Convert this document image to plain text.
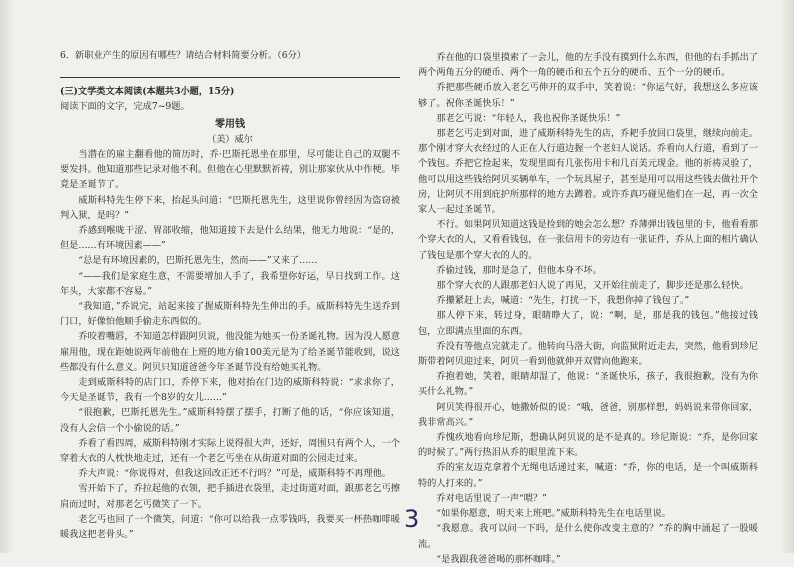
6．新职业产生的原因有哪些？请结合材料简要分析。（6分）

(三)文学类文本阅读(本题共3小题，15分)

阅读下面的文字，完成7~9题。

零用钱

（美）威尔

当潜在的雇主翻看他的简历时，乔·巴斯托恩坐在那里，尽可能让自己的双腿不要发抖。他知道那些记录对他不利。但他在心里默默祈祷，别让那家伙从中作梗。毕竟是圣诞节了。

威斯科特先生停下来，抬起头问道：“巴斯托恩先生，这里说你曾经因为盗窃被判入狱，是吗？”

乔感到喉咙干涩、胃部收缩，他知道接下去是什么结果，他无力地说：“是的，但是……有环境因素——”

“总是有环境因素的，巴斯托恩先生，然而——”又来了……

“——我们是家庭生意，不需要增加人手了，我希望你好运，早日找到工作。这年头，大家都不容易。”

“我知道，”乔说完，站起来接了握威斯科特先生伸出的手。威斯科特先生送乔到门口，好像怕他顺手偷走东西似的。

乔咬着嘴唇，不知道怎样跟阿贝说，他没能为她买一份圣诞礼物。因为没人愿意雇用他，现在距她说两年前他在上班的地方偷100美元是为了给圣诞节能收到，说这些都没有什么意义。阿贝只知道爸爸今年圣诞节没有给她买礼物。

走到威斯科特的店门口，乔停下来，他对抬在门边的威斯科特说：“求求你了，今天是圣诞节，我有一个8岁的女儿……”

“很抱歉，巴斯托恩先生。”威斯科特摆了摆手，打断了他的话，“你应该知道，没有人会信一个小偷说的话。”

乔看了看四周，威斯科特刚才实际上说得很大声，还好，周围只有两个人，一个穿着大衣的人枕快地走过，还有一个老乞丐坐在从街道对面的公园走过来。

乔大声说：“你说得对，但我这回改正还不行吗？”可是，威斯科特不再理他。

雪开始下了，乔拉起他的衣领，把手插进衣袋里，走过街道对面，跟那老乞丐擦肩而过时，对那老乞丐微笑了一下。

老乞丐也回了一个微笑，问道：“你可以给我一点零钱吗，我要买一杯热咖啡暖暖我这把老骨头。”

乔在他的口袋里摸索了一会儿，他的左手没有摸到什么东西，但他的右手抓出了两个两角五分的硬币、两个一角的硬币和五个五分的硬币、五个一分的硬币。

乔把那些硬币放入老乞丐伸开的双手中，笑着说：“你运气好，我想这么多应该够了。祝你圣诞快乐！”

那老乞丐说：“年轻人，我也祝你圣诞快乐！”

那老乞丐走到对面，进了威斯科特先生的店，乔耙手放回口袋里，继续向前走。那个刚才穿大衣经过的人正在人行道边握一个老妇人说话。乔看向人行道，看到了一个钱包。乔把它捡起来，发现里面有几张伤用卡和几百美元现金。他的祈祷灵验了，他可以用这些钱给阿贝买辆单车，一个玩具屋子，甚至是用可以用这些钱去做社开个房，让阿贝不用到庇护所那样的地方去蹲着。或许乔真巧碰见他们在一起，再一次全家人一起过圣诞节。

不行。如果阿贝知道这钱是捡到的她会怎么想？乔薄弹出钱包里的卡，他看看那个穿大衣的人，又看看钱包，在一张信用卡的旁边有一张证件，乔从上面的相片确认了钱包是那个穿大衣的人的。

乔偷过钱，那时是急了，但他本身不坏。

那个穿大衣的人跟那老妇人说了再见，又开始往前走了，脚步还是那么轻快。

乔攥紧赶上去，喊道：“先生，打扰一下，我想你掉了钱包了。”

那人停下来，转过身，眼睛睁大了，说：“啊，是，那是我的钱包。”他接过钱包，立即满点里面的东西。

乔没有等他点完就走了。他转向马洛大街，向监狱附近走去，突然，他看到珍尼斯带着阿贝迎过来，阿贝一看到他就伸开双臂向他跑来。

乔抱着她，笑着，眼睛却湿了，他说：“圣诞快乐，孩子，我很抱歉，没有为你买什么礼物。”

阿贝笑得很开心，她撒娇似的说：“哦，爸爸，别那样想，妈妈说来带你回家，我非常高兴。”

乔愧疚地看向珍尼斯，想确认阿贝说的是不是真的。珍尼斯说：“乔，是你回家的时候了。”两行热泪从乔的眼里流下来。

乔的室友迈克拿着个无绳电话递过来，喊道：“乔，你的电话，是一个叫威斯科特的人打来的。”

乔对电话里说了一声“喂？”

“如果你愿意，明天来上班吧。”威斯科特先生在电话里说。

“我愿意。我可以问一下吗，是什么使你改变主意的？”乔的胸中涌起了一股暖流。

“是我跟我爸爸喝的那杯咖啡。”

3
